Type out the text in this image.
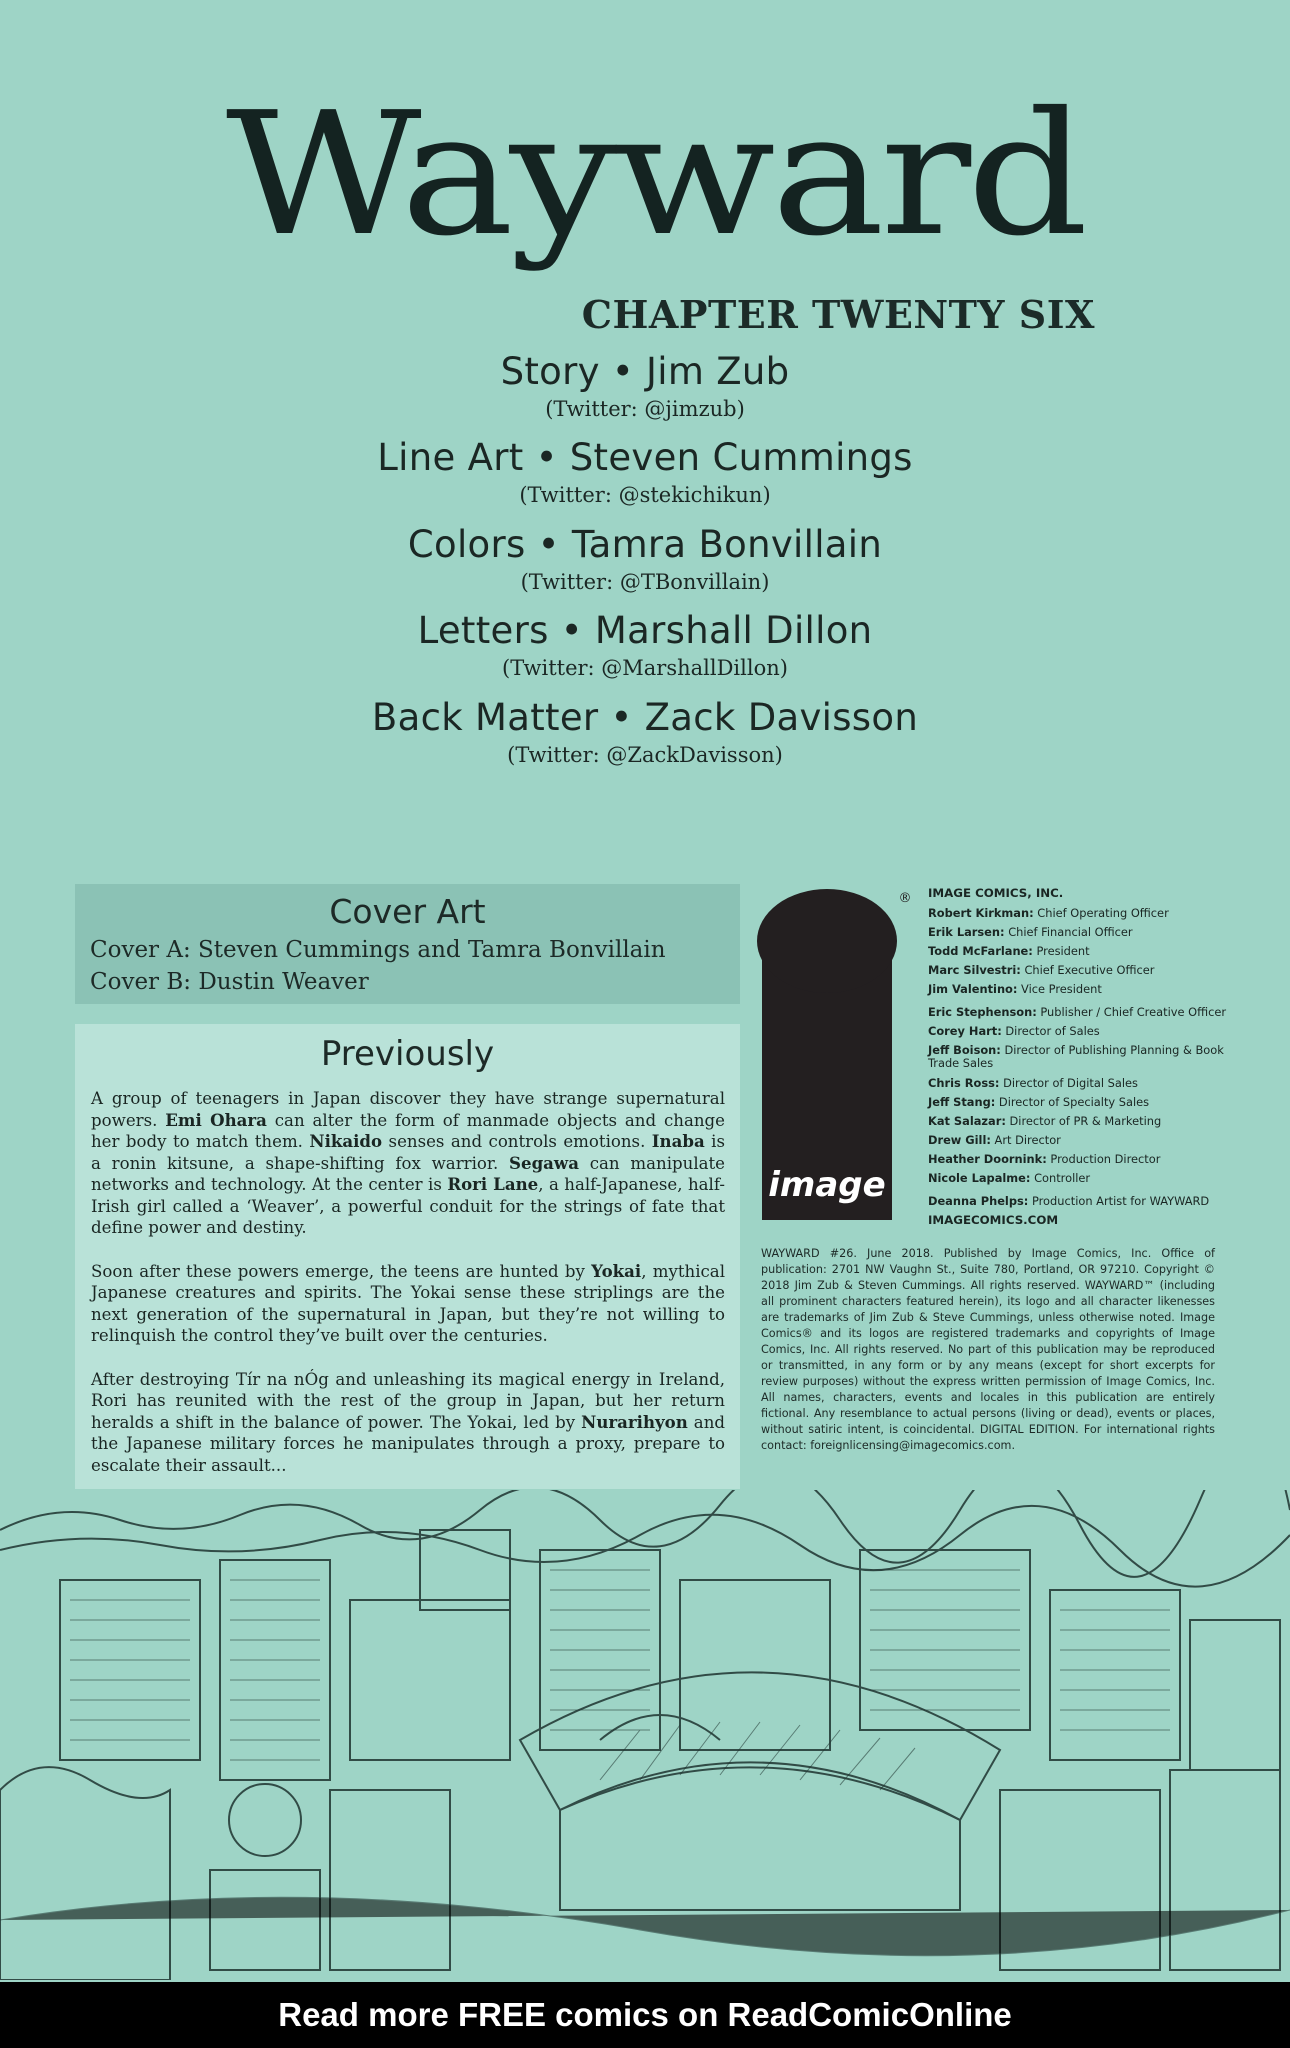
Wayward
CHAPTER TWENTY SIX
Story • Jim Zub
(Twitter: @jimzub)
Line Art • Steven Cummings
(Twitter: @stekichikun)
Colors • Tamra Bonvillain
(Twitter: @TBonvillain)
Letters • Marshall Dillon
(Twitter: @MarshallDillon)
Back Matter • Zack Davisson
(Twitter: @ZackDavisson)
Cover Art
Cover A: Steven Cummings and Tamra Bonvillain
Cover B: Dustin Weaver
Previously

A group of teenagers in Japan discover they have strange supernatural powers. Emi Ohara can alter the form of manmade objects and change her body to match them. Nikaido senses and controls emotions. Inaba is a ronin kitsune, a shape-shifting fox warrior. Segawa can manipulate networks and technology. At the center is Rori Lane, a half-Japanese, half-Irish girl called a ‘Weaver’, a powerful conduit for the strings of fate that define power and destiny.

Soon after these powers emerge, the teens are hunted by Yokai, mythical Japanese creatures and spirits. The Yokai sense these striplings are the next generation of the supernatural in Japan, but they’re not willing to relinquish the control they’ve built over the centuries.

After destroying Tír na nÓg and unleashing its magical energy in Ireland, Rori has reunited with the rest of the group in Japan, but her return heralds a shift in the balance of power. The Yokai, led by Nurarihyon and the Japanese military forces he manipulates through a proxy, prepare to escalate their assault...

image
® IMAGE COMICS, INC.
Robert Kirkman: Chief Operating Officer
Erik Larsen: Chief Financial Officer
Todd McFarlane: President
Marc Silvestri: Chief Executive Officer
Jim Valentino: Vice President
Eric Stephenson: Publisher / Chief Creative Officer
Corey Hart: Director of Sales
Jeff Boison: Director of Publishing Planning & Book Trade Sales
Chris Ross: Director of Digital Sales
Jeff Stang: Director of Specialty Sales
Kat Salazar: Director of PR & Marketing
Drew Gill: Art Director
Heather Doornink: Production Director
Nicole Lapalme: Controller
Deanna Phelps: Production Artist for WAYWARD
IMAGECOMICS.COM
WAYWARD #26. June 2018. Published by Image Comics, Inc. Office of publication: 2701 NW Vaughn St., Suite 780, Portland, OR 97210. Copyright © 2018 Jim Zub & Steven Cummings. All rights reserved. WAYWARD™ (including all prominent characters featured herein), its logo and all character likenesses are trademarks of Jim Zub & Steve Cummings, unless otherwise noted. Image Comics® and its logos are registered trademarks and copyrights of Image Comics, Inc. All rights reserved. No part of this publication may be reproduced or transmitted, in any form or by any means (except for short excerpts for review purposes) without the express written permission of Image Comics, Inc. All names, characters, events and locales in this publication are entirely fictional. Any resemblance to actual persons (living or dead), events or places, without satiric intent, is coincidental. DIGITAL EDITION. For international rights contact: foreignlicensing@imagecomics.com.
Read more FREE comics on ReadComicOnline
